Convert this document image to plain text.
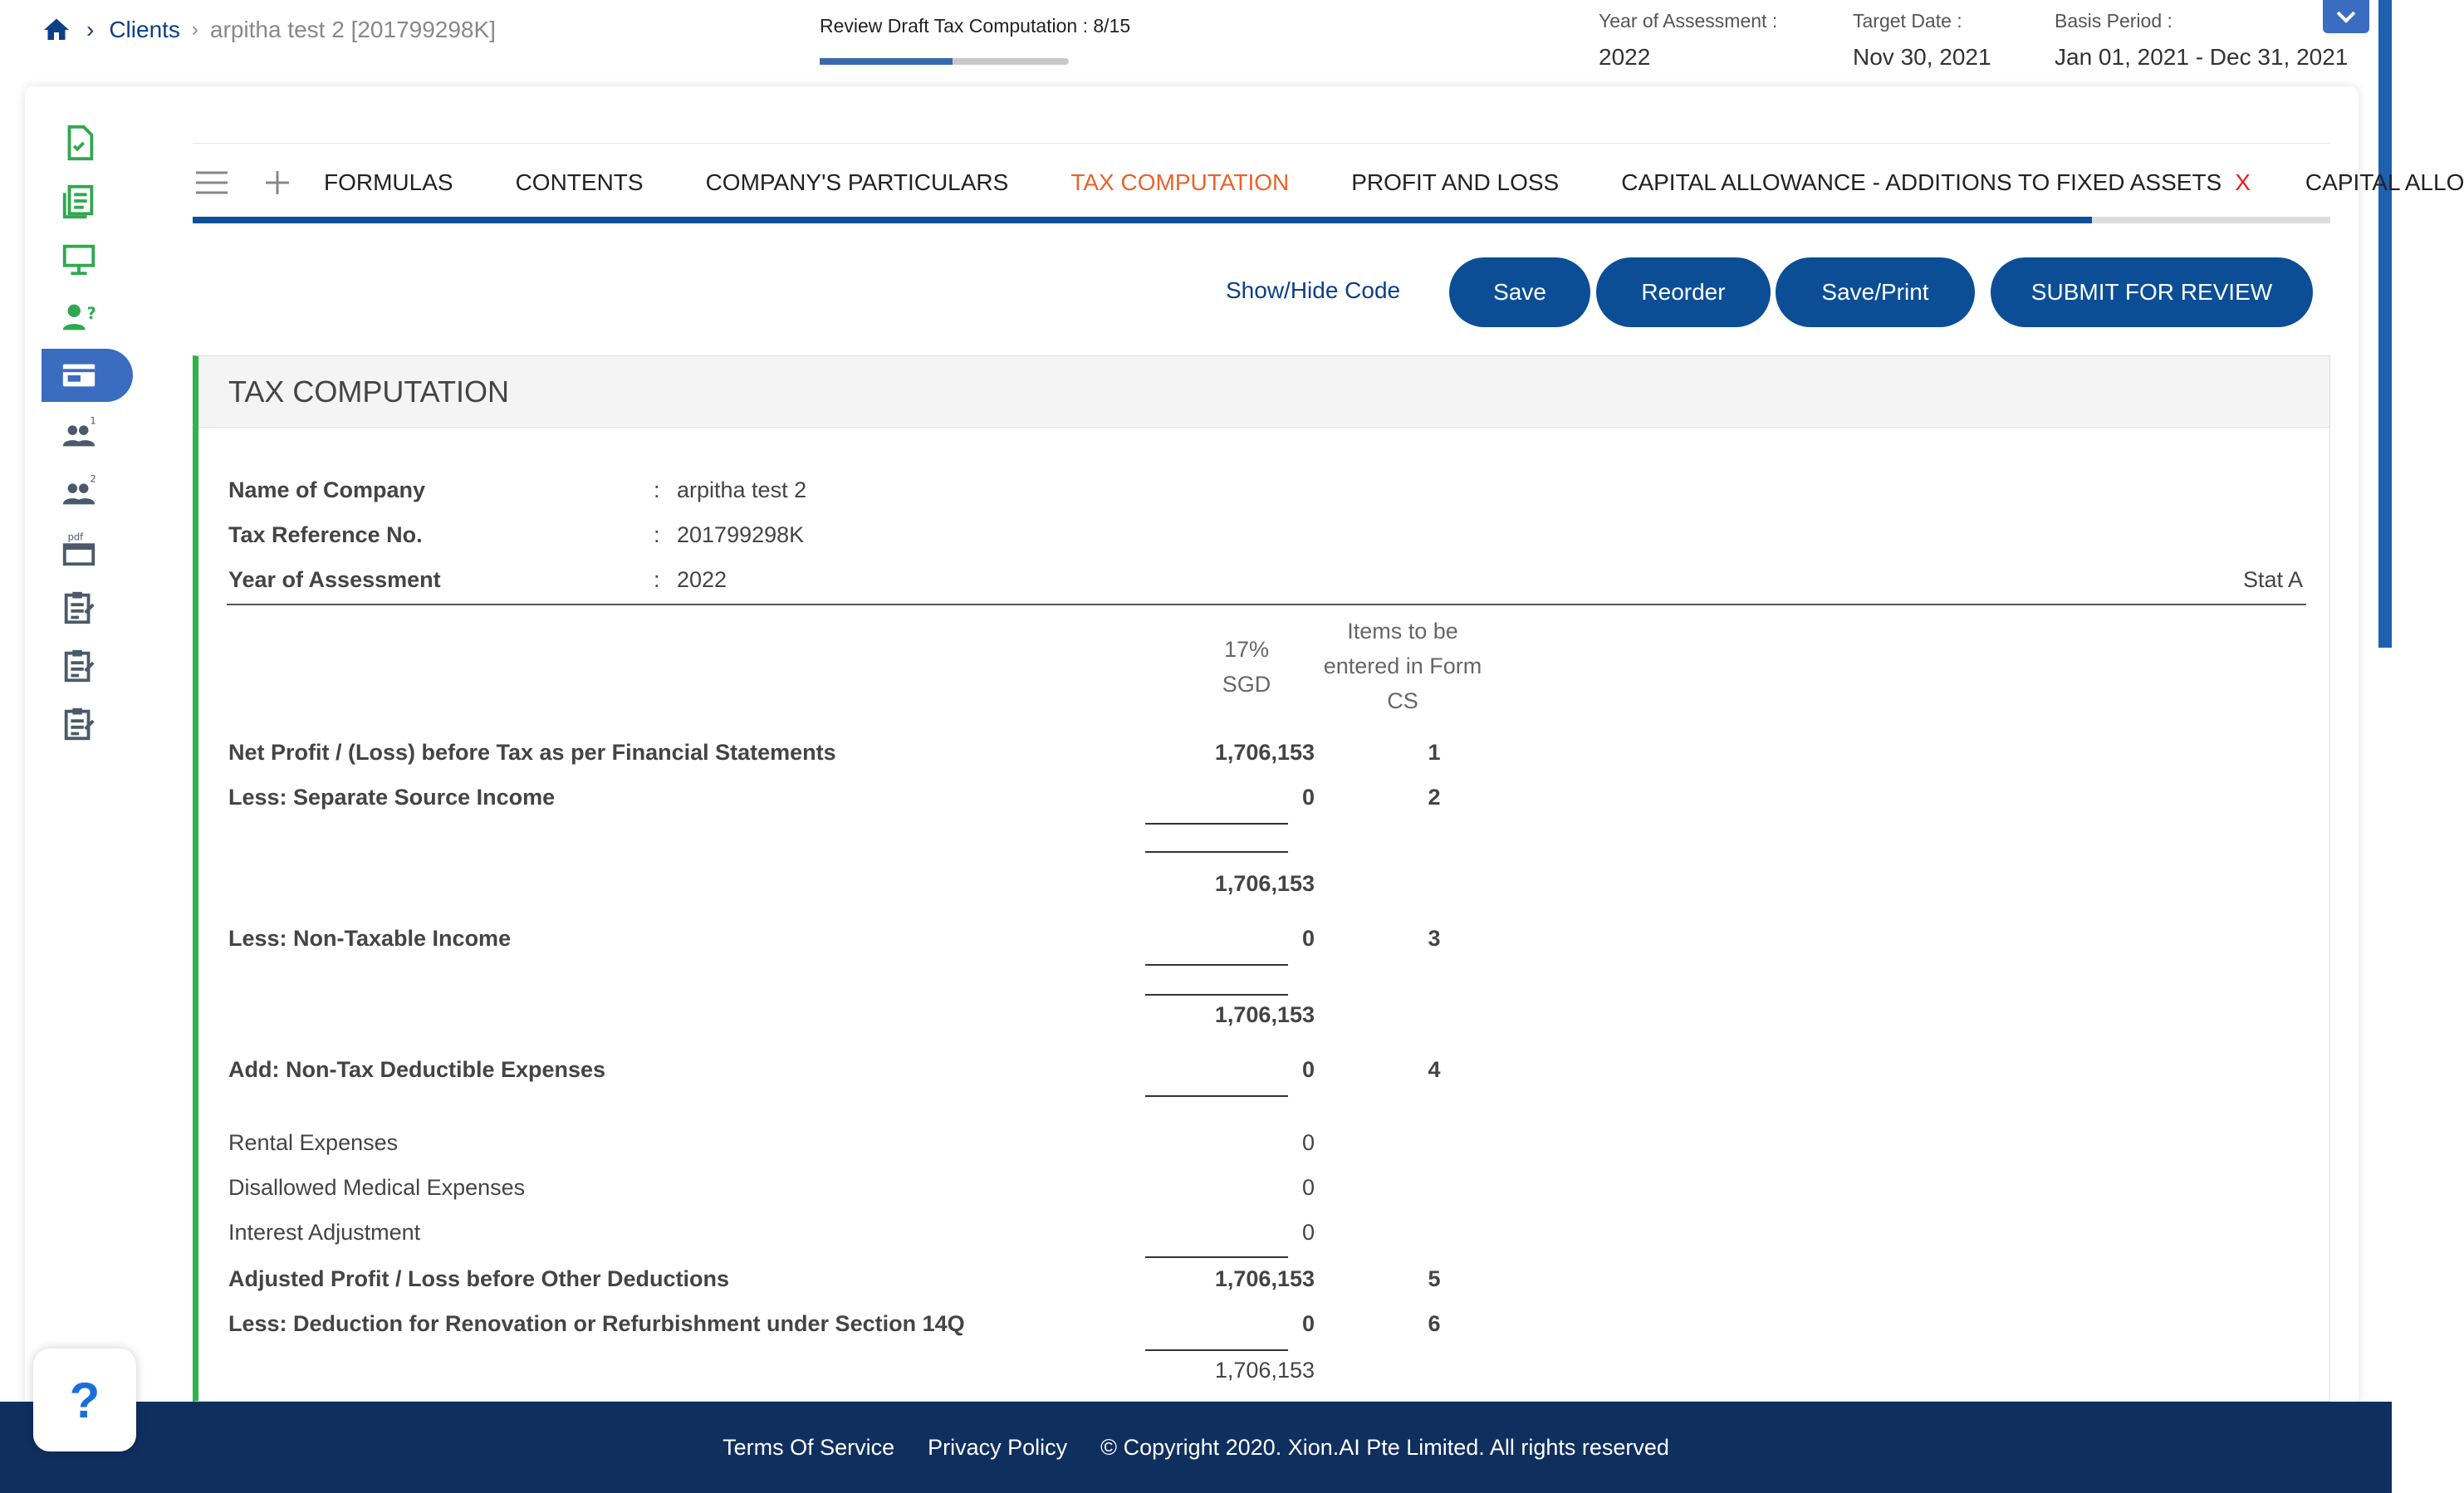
› Clients › arpitha test 2 [201799298K]	Review Draft Tax Computation : 8/15	Year of Assessment :
2022
Target Date :
Nov 30, 2021
Basis Period :
Jan 01, 2021 - Dec 31, 2021
?
1
2
pdf
FORMULAS	CONTENTS	COMPANY'S PARTICULARS	TAX COMPUTATION	PROFIT AND LOSS	CAPITAL ALLOWANCE - ADDITIONS TO FIXED ASSETS X CAPITAL ALLO
Show/Hide Code	Save	Reorder	Save/Print	SUBMIT FOR REVIEW
TAX COMPUTATION
Name of Company	: arpitha test 2
Tax Reference No.	: 201799298K
Year of Assessment	: 2022	Stat A
17%
SGD
Items to be
entered in Form
CS
Net Profit / (Loss) before Tax as per Financial Statements	1,706,153	1
Less: Separate Source Income	0	2
1,706,153
Less: Non-Taxable Income	0	3
1,706,153
Add: Non-Tax Deductible Expenses	0	4
Rental Expenses	0
Disallowed Medical Expenses	0
Interest Adjustment	0
Adjusted Profit / Loss before Other Deductions	1,706,153	5
Less: Deduction for Renovation or Refurbishment under Section 14Q	0	6
1,706,153
Terms Of Service Privacy Policy © Copyright 2020. Xion.AI Pte Limited. All rights reserved
?
